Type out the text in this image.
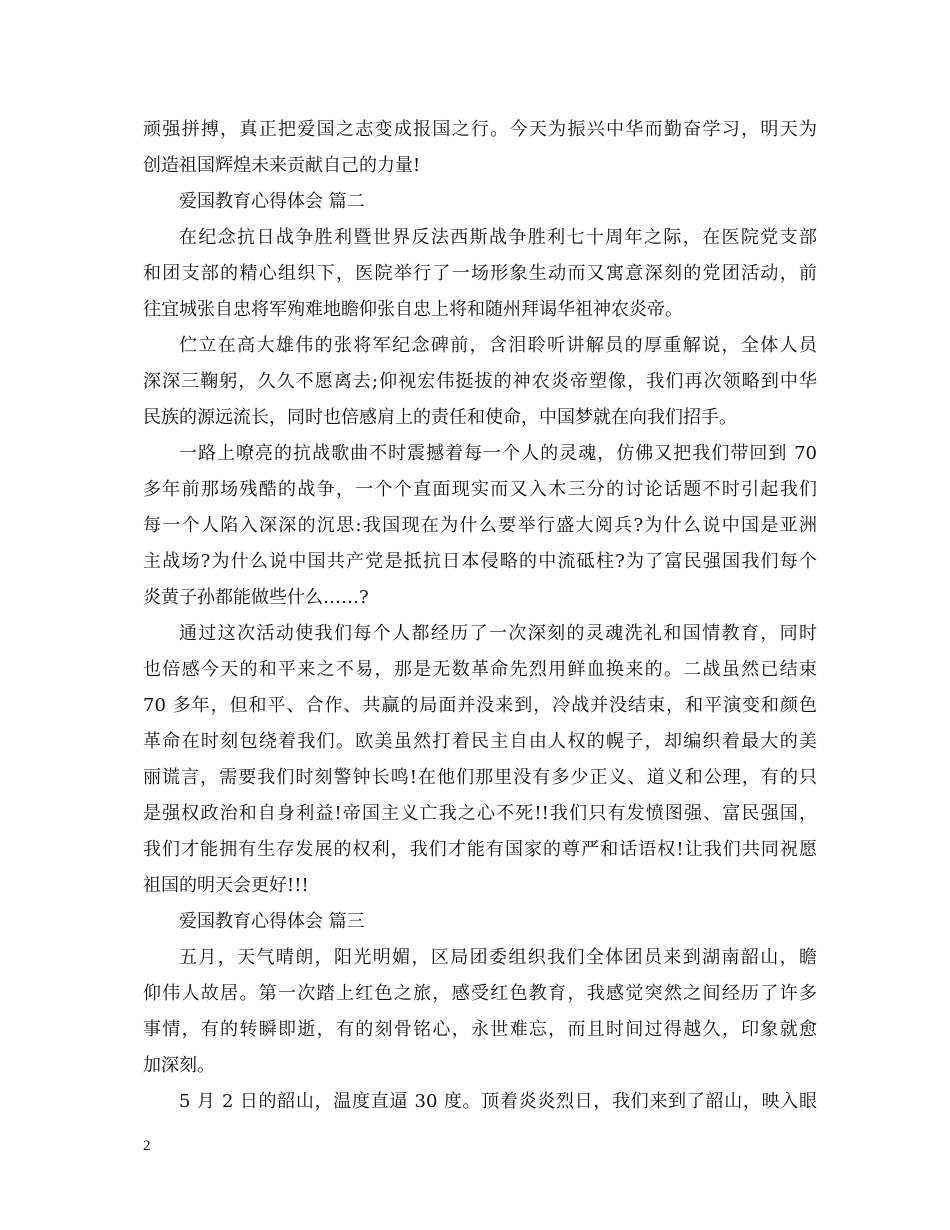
顽强拼搏，真正把爱国之志变成报国之行。今天为振兴中华而勤奋学习，明天为
创造祖国辉煌未来贡献自己的力量!
爱国教育心得体会 篇二
在纪念抗日战争胜利暨世界反法西斯战争胜利七十周年之际，在医院党支部
和团支部的精心组织下，医院举行了一场形象生动而又寓意深刻的党团活动，前
往宜城张自忠将军殉难地瞻仰张自忠上将和随州拜谒华祖神农炎帝。
伫立在高大雄伟的张将军纪念碑前，含泪聆听讲解员的厚重解说，全体人员
深深三鞠躬，久久不愿离去;仰视宏伟挺拔的神农炎帝塑像，我们再次领略到中华
民族的源远流长，同时也倍感肩上的责任和使命，中国梦就在向我们招手。
一路上嘹亮的抗战歌曲不时震撼着每一个人的灵魂，仿佛又把我们带回到 70
多年前那场残酷的战争，一个个直面现实而又入木三分的讨论话题不时引起我们
每一个人陷入深深的沉思:我国现在为什么要举行盛大阅兵?为什么说中国是亚洲
主战场?为什么说中国共产党是抵抗日本侵略的中流砥柱?为了富民强国我们每个
炎黄子孙都能做些什么……?
通过这次活动使我们每个人都经历了一次深刻的灵魂洗礼和国情教育，同时
也倍感今天的和平来之不易，那是无数革命先烈用鲜血换来的。二战虽然已结束
70 多年，但和平、合作、共赢的局面并没来到，冷战并没结束，和平演变和颜色
革命在时刻包绕着我们。欧美虽然打着民主自由人权的幌子，却编织着最大的美
丽谎言，需要我们时刻警钟长鸣!在他们那里没有多少正义、道义和公理，有的只
是强权政治和自身利益!帝国主义亡我之心不死!!我们只有发愤图强、富民强国，
我们才能拥有生存发展的权利，我们才能有国家的尊严和话语权!让我们共同祝愿
祖国的明天会更好!!!
爱国教育心得体会 篇三
五月，天气晴朗，阳光明媚，区局团委组织我们全体团员来到湖南韶山，瞻
仰伟人故居。第一次踏上红色之旅，感受红色教育，我感觉突然之间经历了许多
事情，有的转瞬即逝，有的刻骨铭心，永世难忘，而且时间过得越久，印象就愈
加深刻。
5 月 2 日的韶山，温度直逼 30 度。顶着炎炎烈日，我们来到了韶山，映入眼
2
